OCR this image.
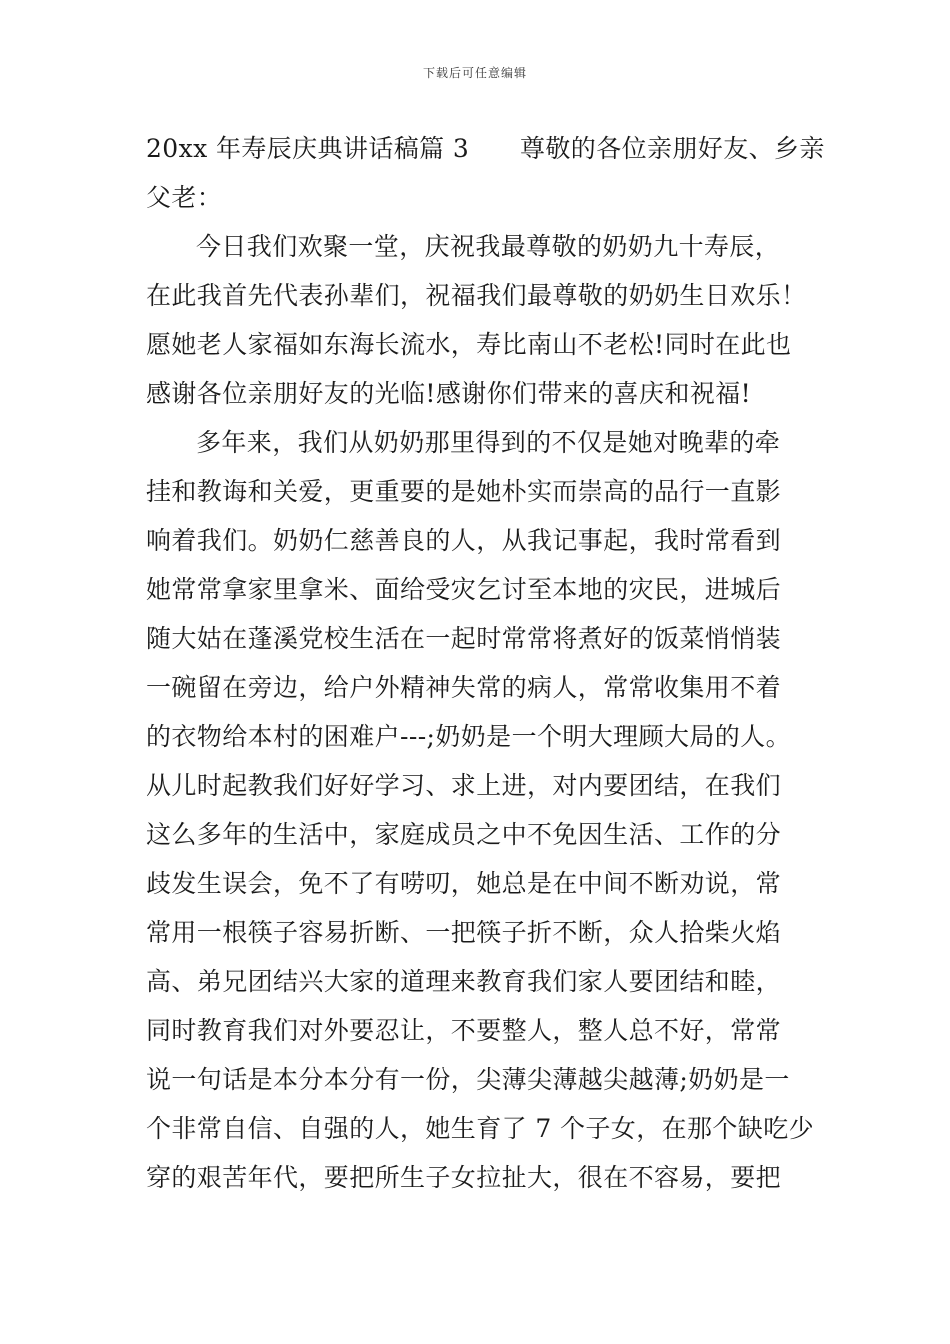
下载后可任意编辑
20xx 年寿辰庆典讲话稿篇 3　　尊敬的各位亲朋好友、乡亲
父老：
今日我们欢聚一堂，庆祝我最尊敬的奶奶九十寿辰，
在此我首先代表孙辈们，祝福我们最尊敬的奶奶生日欢乐！
愿她老人家福如东海长流水，寿比南山不老松!同时在此也
感谢各位亲朋好友的光临!感谢你们带来的喜庆和祝福!
多年来，我们从奶奶那里得到的不仅是她对晚辈的牵
挂和教诲和关爱，更重要的是她朴实而崇高的品行一直影
响着我们。奶奶仁慈善良的人，从我记事起，我时常看到
她常常拿家里拿米、面给受灾乞讨至本地的灾民，进城后
随大姑在蓬溪党校生活在一起时常常将煮好的饭菜悄悄装
一碗留在旁边，给户外精神失常的病人，常常收集用不着
的衣物给本村的困难户---;奶奶是一个明大理顾大局的人。
从儿时起教我们好好学习、求上进，对内要团结，在我们
这么多年的生活中，家庭成员之中不免因生活、工作的分
歧发生误会，免不了有唠叨，她总是在中间不断劝说，常
常用一根筷子容易折断、一把筷子折不断，众人拾柴火焰
高、弟兄团结兴大家的道理来教育我们家人要团结和睦，
同时教育我们对外要忍让，不要整人，整人总不好，常常
说一句话是本分本分有一份，尖薄尖薄越尖越薄;奶奶是一
个非常自信、自强的人，她生育了 7 个子女，在那个缺吃少
穿的艰苦年代，要把所生子女拉扯大，很在不容易，要把
